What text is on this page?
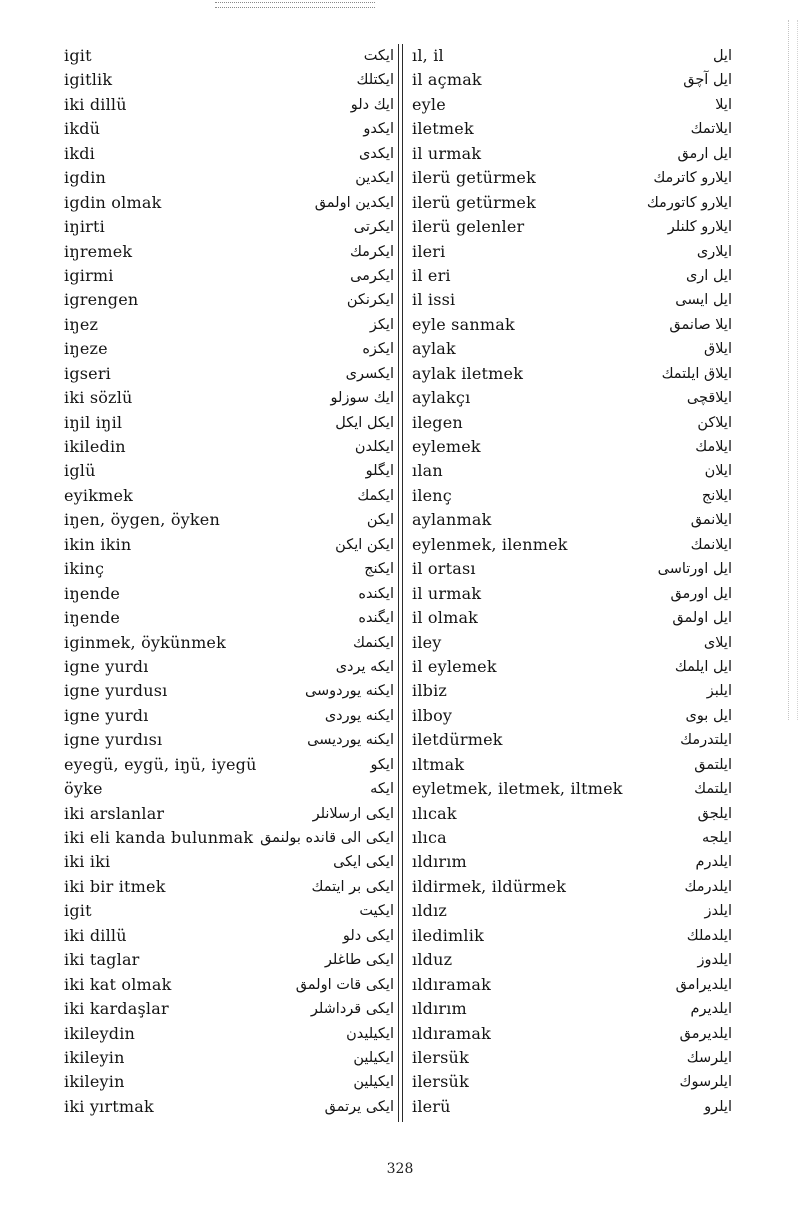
igit	ایکت
igitlik	ایکتلك
iki dillü	ایك دلو
ikdü	ایکدو
ikdi	ایکدی
igdin	ایکدین
igdin olmak	ایکدین اولمق
iŋirti	ایکرتی
iŋremek	ایکرمك
igirmi	ایکرمی
igrengen	ایکرنکن
iŋez	ایکز
iŋeze	ایکزه
igseri	ایکسری
iki sözlü	ایك سوزلو
iŋil iŋil	ایکل ایکل
ikiledin	ایکلدن
iglü	ایگلو
eyikmek	ایکمك
iŋen, öygen, öyken	ایکن
ikin ikin	ایکن ایکن
ikinç	ایکنج
iŋende	ایکنده
iŋende	ایگنده
iginmek, öykünmek	ایکنمك
igne yurdı	ایکه یردی
igne yurdusı	ایکنه یوردوسی
igne yurdı	ایکنه یوردی
igne yurdısı	ایکنه یوردیسی
eyegü, eygü, iŋü, iyegü	ایکو
öyke	ایکه
iki arslanlar	ایکی ارسلانلر
iki eli kanda bulunmak ایکی الی قانده بولنمق
iki iki	ایکی ایکی
iki bir itmek	ایکی بر ایتمك
igit	ایکیت
iki dillü	ایکی دلو
iki taglar	ایکی طاغلر
iki kat olmak	ایکی قات اولمق
iki kardaşlar	ایکی قرداشلر
ikileydin	ایکیلیدن
ikileyin	ایکیلین
ikileyin	ایکیلین
iki yırtmak	ایکی یرتمق
ıl, il	ایل
il açmak	ایل آچق
eyle	ایلا
iletmek	ایلاتمك
il urmak	ایل ارمق
ilerü getürmek	ایلارو کاترمك
ilerü getürmek	ایلارو کاتورمك
ilerü gelenler	ایلارو کلنلر
ileri	ایلاری
il eri	ایل اری
il issi	ایل ایسی
eyle sanmak	ایلا صانمق
aylak	ایلاق
aylak iletmek	ایلاق ایلتمك
aylakçı	ایلاقچی
ilegen	ایلاکن
eylemek	ایلامك
ılan	ایلان
ilenç	ایلانج
aylanmak	ایلانمق
eylenmek, ilenmek	ایلانمك
il ortası	ایل اورتاسی
il urmak	ایل اورمق
il olmak	ایل اولمق
iley	ایلای
il eylemek	ایل ایلمك
ilbiz	ایلبز
ilboy	ایل بوی
iletdürmek	ایلتدرمك
ıltmak	ایلتمق
eyletmek, iletmek, iltmek	ایلتمك
ılıcak	ایلجق
ılıca	ایلجه
ıldırım	ایلدرم
ildirmek, ildürmek	ایلدرمك
ıldız	ایلدز
iledimlik	ایلدملك
ılduz	ایلدوز
ıldıramak	ایلدیرامق
ıldırım	ایلدیرم
ıldıramak	ایلدیرمق
ilersük	ایلرسك
ilersük	ایلرسوك
ilerü	ایلرو
328
